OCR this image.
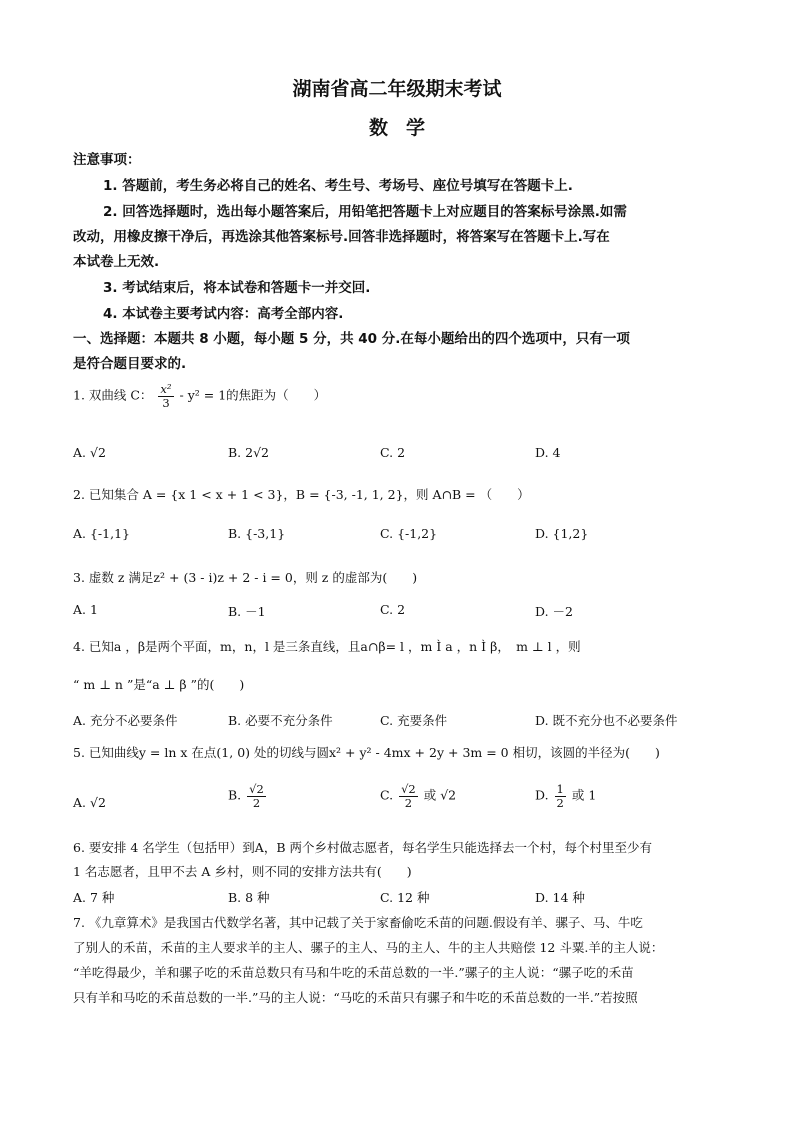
湖南省高二年级期末考试
数学
注意事项：
1. 答题前，考生务必将自己的姓名、考生号、考场号、座位号填写在答题卡上.
2. 回答选择题时，选出每小题答案后，用铅笔把答题卡上对应题目的答案标号涂黑.如需
改动，用橡皮擦干净后，再选涂其他答案标号.回答非选择题时，将答案写在答题卡上.写在
本试卷上无效.
3. 考试结束后，将本试卷和答题卡一并交回.
4. 本试卷主要考试内容：高考全部内容.
一、选择题：本题共 8 小题，每小题 5 分，共 40 分.在每小题给出的四个选项中，只有一项
是符合题目要求的.
1. 双曲线 C： $\frac{\text{x²}}{3} - y^2 = 1$的焦距为（　　）
A. √2	B. 2√2	C. 2	D. 4
2. 已知集合 A = {x 1 < x + 1 < 3}，B = {-3, -1, 1, 2}，则 A∩B = （　　）
A. {-1,1}	B. {-3,1}	C. {-1,2}	D. {1,2}
3. 虚数 z 满足z² + (3 - i)z + 2 - i = 0，则 z 的虚部为(　　)
A. 1	B. －1	C. 2	D. －2
4. 已知a ，β是两个平面，m，n，l 是三条直线，且a∩β= l ，m Ì a ，n Ì β，　m ⊥ l ，则
“ m ⊥ n ”是“a ⊥ β ”的(　　)
A. 充分不必要条件	B. 必要不充分条件	C. 充要条件	D. 既不充分也不必要条件
5. 已知曲线y = ln x 在点(1, 0) 处的切线与圆x² + y² - 4mx + 2y + 3m = 0 相切，该圆的半径为(　　)
A. √2	B. $\frac{√2}{2}$	C. $\frac{√2}{2}$ 或 √2	D. $\frac{1}{2}$ 或 1
6. 要安排 4 名学生（包括甲）到A，B 两个乡村做志愿者，每名学生只能选择去一个村，每个村里至少有
1 名志愿者，且甲不去 A 乡村，则不同的安排方法共有(　　)
A. 7 种	B. 8 种	C. 12 种	D. 14 种
7. 《九章算术》是我国古代数学名著，其中记载了关于家畜偷吃禾苗的问题.假设有羊、骡子、马、牛吃
了别人的禾苗，禾苗的主人要求羊的主人、骡子的主人、马的主人、牛的主人共赔偿 12 斗粟.羊的主人说：
“羊吃得最少，羊和骡子吃的禾苗总数只有马和牛吃的禾苗总数的一半.”骡子的主人说：“骡子吃的禾苗
只有羊和马吃的禾苗总数的一半.”马的主人说：“马吃的禾苗只有骡子和牛吃的禾苗总数的一半.”若按照
